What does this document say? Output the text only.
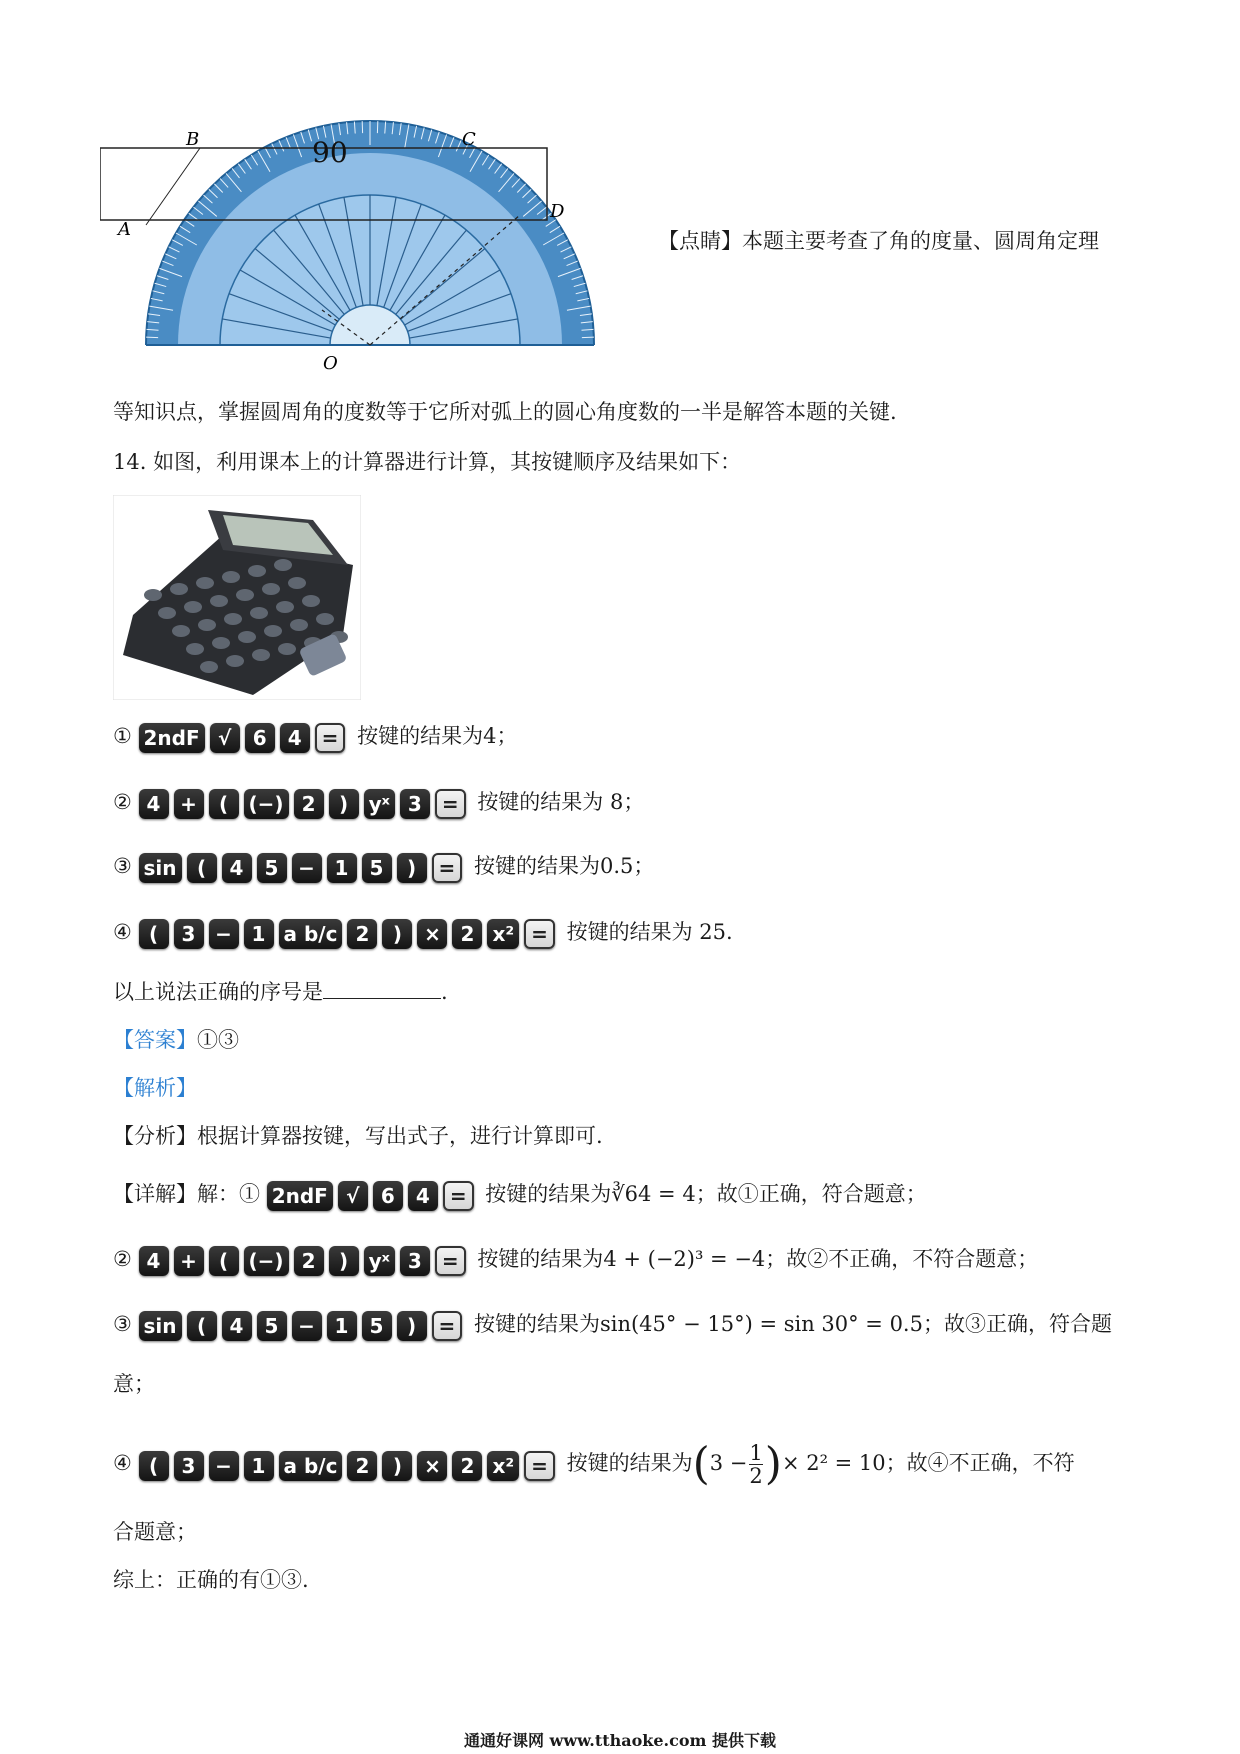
B	C
A
D
O
90
【点睛】本题主要考查了角的度量、圆周角定理
等知识点，掌握圆周角的度数等于它所对弧上的圆心角度数的一半是解答本题的关键.
14. 如图，利用课本上的计算器进行计算，其按键顺序及结果如下：
① 2ndF √ 6 4 = 按键的结果为4；
② 4 + ( (−) 2 ) yˣ 3 = 按键的结果为 8；
③ sin ( 4 5 − 1 5 ) = 按键的结果为0.5；
④ ( 3 − 1 a b/c 2 ) × 2 x² = 按键的结果为 25.
以上说法正确的序号是	.
【答案】①③
【解析】
【分析】根据计算器按键，写出式子，进行计算即可.
【详解】解：① 2ndF √ 6 4 = 按键的结果为∛64 = 4；故①正确，符合题意；
② 4 + ( (−) 2 ) yˣ 3 = 按键的结果为4 + (−2)³ = −4；故②不正确，不符合题意；
③ sin ( 4 5 − 1 5 ) = 按键的结果为sin(45° − 15°) = sin 30° = 0.5；故③正确，符合题
意；
④ ( 3 − 1 a b/c 2 ) × 2 x² = 按键的结果为($3 - \frac{1}{2}$ )× 2² = 10；故④不正确，不符
合题意；
综上：正确的有①③.
通通好课网 www.tthaoke.com 提供下载
